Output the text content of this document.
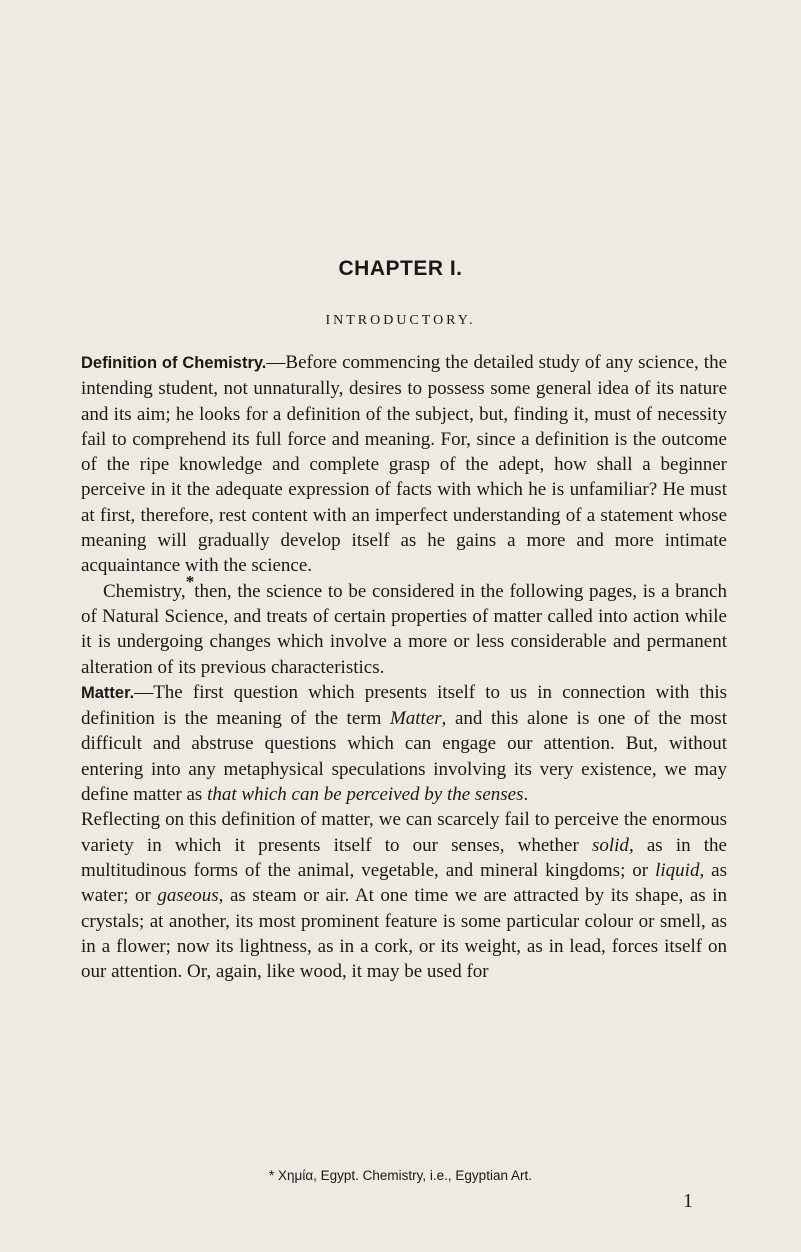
CHAPTER I.
INTRODUCTORY.

Definition of Chemistry.—Before commencing the detailed study of any science, the intending student, not unnaturally, desires to possess some general idea of its nature and its aim; he looks for a definition of the subject, but, finding it, must of necessity fail to comprehend its full force and meaning. For, since a definition is the outcome of the ripe knowledge and complete grasp of the adept, how shall a beginner perceive in it the adequate expression of facts with which he is unfamiliar? He must at first, therefore, rest content with an imperfect understanding of a statement whose meaning will gradually develop itself as he gains a more and more intimate acquaintance with the science.

Chemistry,*then, the science to be considered in the following pages, is a branch of Natural Science, and treats of certain properties of matter called into action while it is undergoing changes which involve a more or less considerable and permanent alteration of its previous characteristics.

Matter.—The first question which presents itself to us in connection with this definition is the meaning of the term Matter, and this alone is one of the most difficult and abstruse questions which can engage our attention. But, without entering into any metaphysical speculations involving its very existence, we may define matter as that which can be perceived by the senses.

Reflecting on this definition of matter, we can scarcely fail to perceive the enormous variety in which it presents itself to our senses, whether solid, as in the multitudinous forms of the animal, vegetable, and mineral kingdoms; or liquid, as water; or gaseous, as steam or air. At one time we are attracted by its shape, as in crystals; at another, its most prominent feature is some particular colour or smell, as in a flower; now its lightness, as in a cork, or its weight, as in lead, forces itself on our attention. Or, again, like wood, it may be used for

* Χημία, Egypt. Chemistry, i.e., Egyptian Art.
1
